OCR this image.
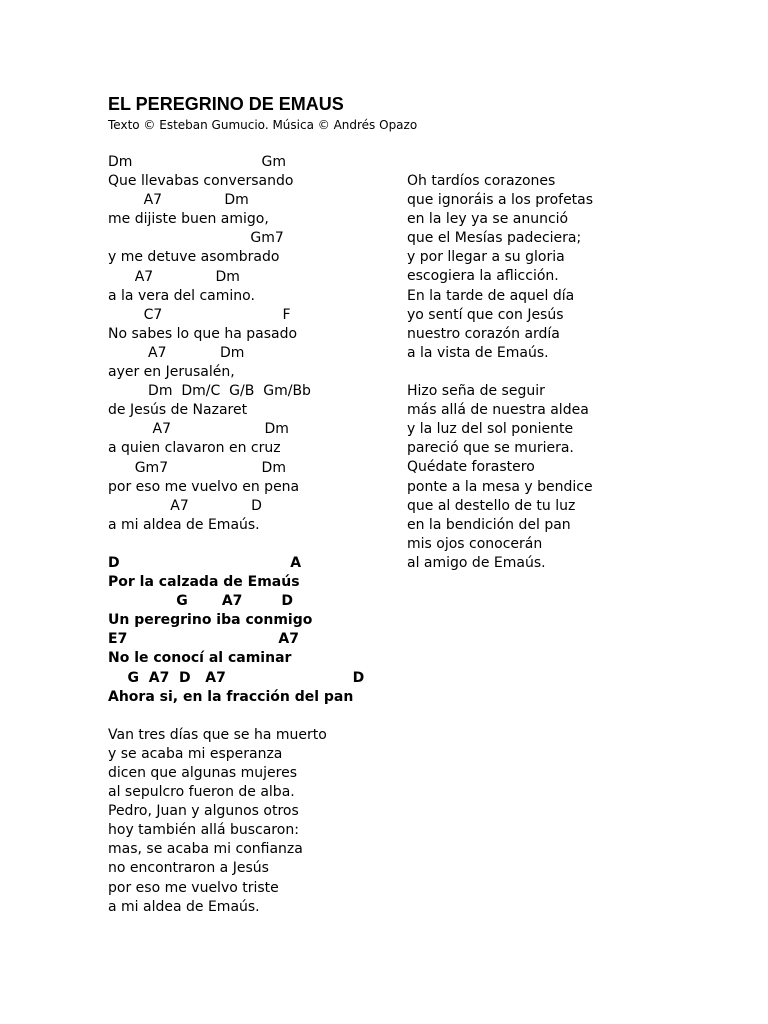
EL PEREGRINO DE EMAUS
Texto © Esteban Gumucio. Música © Andrés Opazo
Dm                             Gm
Que llevabas conversando
A7              Dm
me dijiste buen amigo,
Gm7
y me detuve asombrado
A7              Dm
a la vera del camino.
C7                           F
No sabes lo que ha pasado
A7            Dm
ayer en Jerusalén,
Dm  Dm/C  G/B  Gm/Bb
de Jesús de Nazaret
A7                     Dm
a quien clavaron en cruz
Gm7                     Dm
por eso me vuelvo en pena
A7              D
a mi aldea de Emaús.
D                                   A
Por la calzada de Emaús
G       A7        D
Un peregrino iba conmigo
E7                               A7
No le conocí al caminar
G  A7  D   A7                          D
Ahora si, en la fracción del pan
Van tres días que se ha muerto
y se acaba mi esperanza
dicen que algunas mujeres
al sepulcro fueron de alba.
Pedro, Juan y algunos otros
hoy también allá buscaron:
mas, se acaba mi confianza
no encontraron a Jesús
por eso me vuelvo triste
a mi aldea de Emaús.
Oh tardíos corazones
que ignoráis a los profetas
en la ley ya se anunció
que el Mesías padeciera;
y por llegar a su gloria
escogiera la aflicción.
En la tarde de aquel día
yo sentí que con Jesús
nuestro corazón ardía
a la vista de Emaús.
Hizo seña de seguir
más allá de nuestra aldea
y la luz del sol poniente
pareció que se muriera.
Quédate forastero
ponte a la mesa y bendice
que al destello de tu luz
en la bendición del pan
mis ojos conocerán
al amigo de Emaús.
